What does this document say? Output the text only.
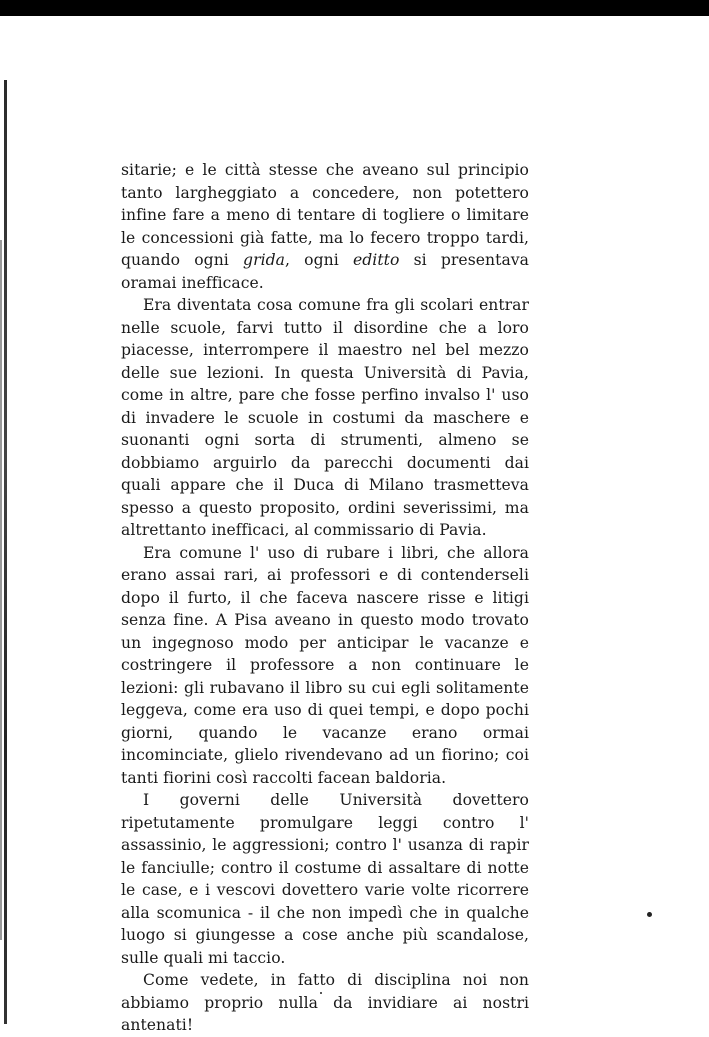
sitarie; e le città stesse che aveano sul principio tanto largheggiato a concedere, non potettero infine fare a meno di tentare di togliere o limitare le concessioni già fatte, ma lo fecero troppo tardi, quando ogni grida, ogni editto si presentava oramai inefficace.

Era diventata cosa comune fra gli scolari entrar nelle scuole, farvi tutto il disordine che a loro piacesse, interrompere il maestro nel bel mezzo delle sue lezioni. In questa Università di Pavia, come in altre, pare che fosse perfino invalso l' uso di invadere le scuole in costumi da maschere e suonanti ogni sorta di strumenti, almeno se dobbiamo arguirlo da parecchi documenti dai quali appare che il Duca di Milano trasmetteva spesso a questo proposito, ordini severissimi, ma altrettanto inefficaci, al commissario di Pavia.

Era comune l' uso di rubare i libri, che allora erano assai rari, ai professori e di contenderseli dopo il furto, il che faceva nascere risse e litigi senza fine. A Pisa aveano in questo modo trovato un ingegnoso modo per anticipar le vacanze e costringere il professore a non continuare le lezioni: gli rubavano il libro su cui egli solitamente leggeva, come era uso di quei tempi, e dopo pochi giorni, quando le vacanze erano ormai incominciate, glielo rivendevano ad un fiorino; coi tanti fiorini così raccolti facean baldoria.

I governi delle Università dovettero ripetutamente promulgare leggi contro l' assassinio, le aggressioni; contro l' usanza di rapir le fanciulle; contro il costume di assaltare di notte le case, e i vescovi dovettero varie volte ricorrere alla scomunica - il che non impedì che in qualche luogo si giungesse a cose anche più scandalose, sulle quali mi taccio.

Come vedete, in fatto di disciplina noi non abbiamo proprio nulla da invidiare ai nostri antenati!
